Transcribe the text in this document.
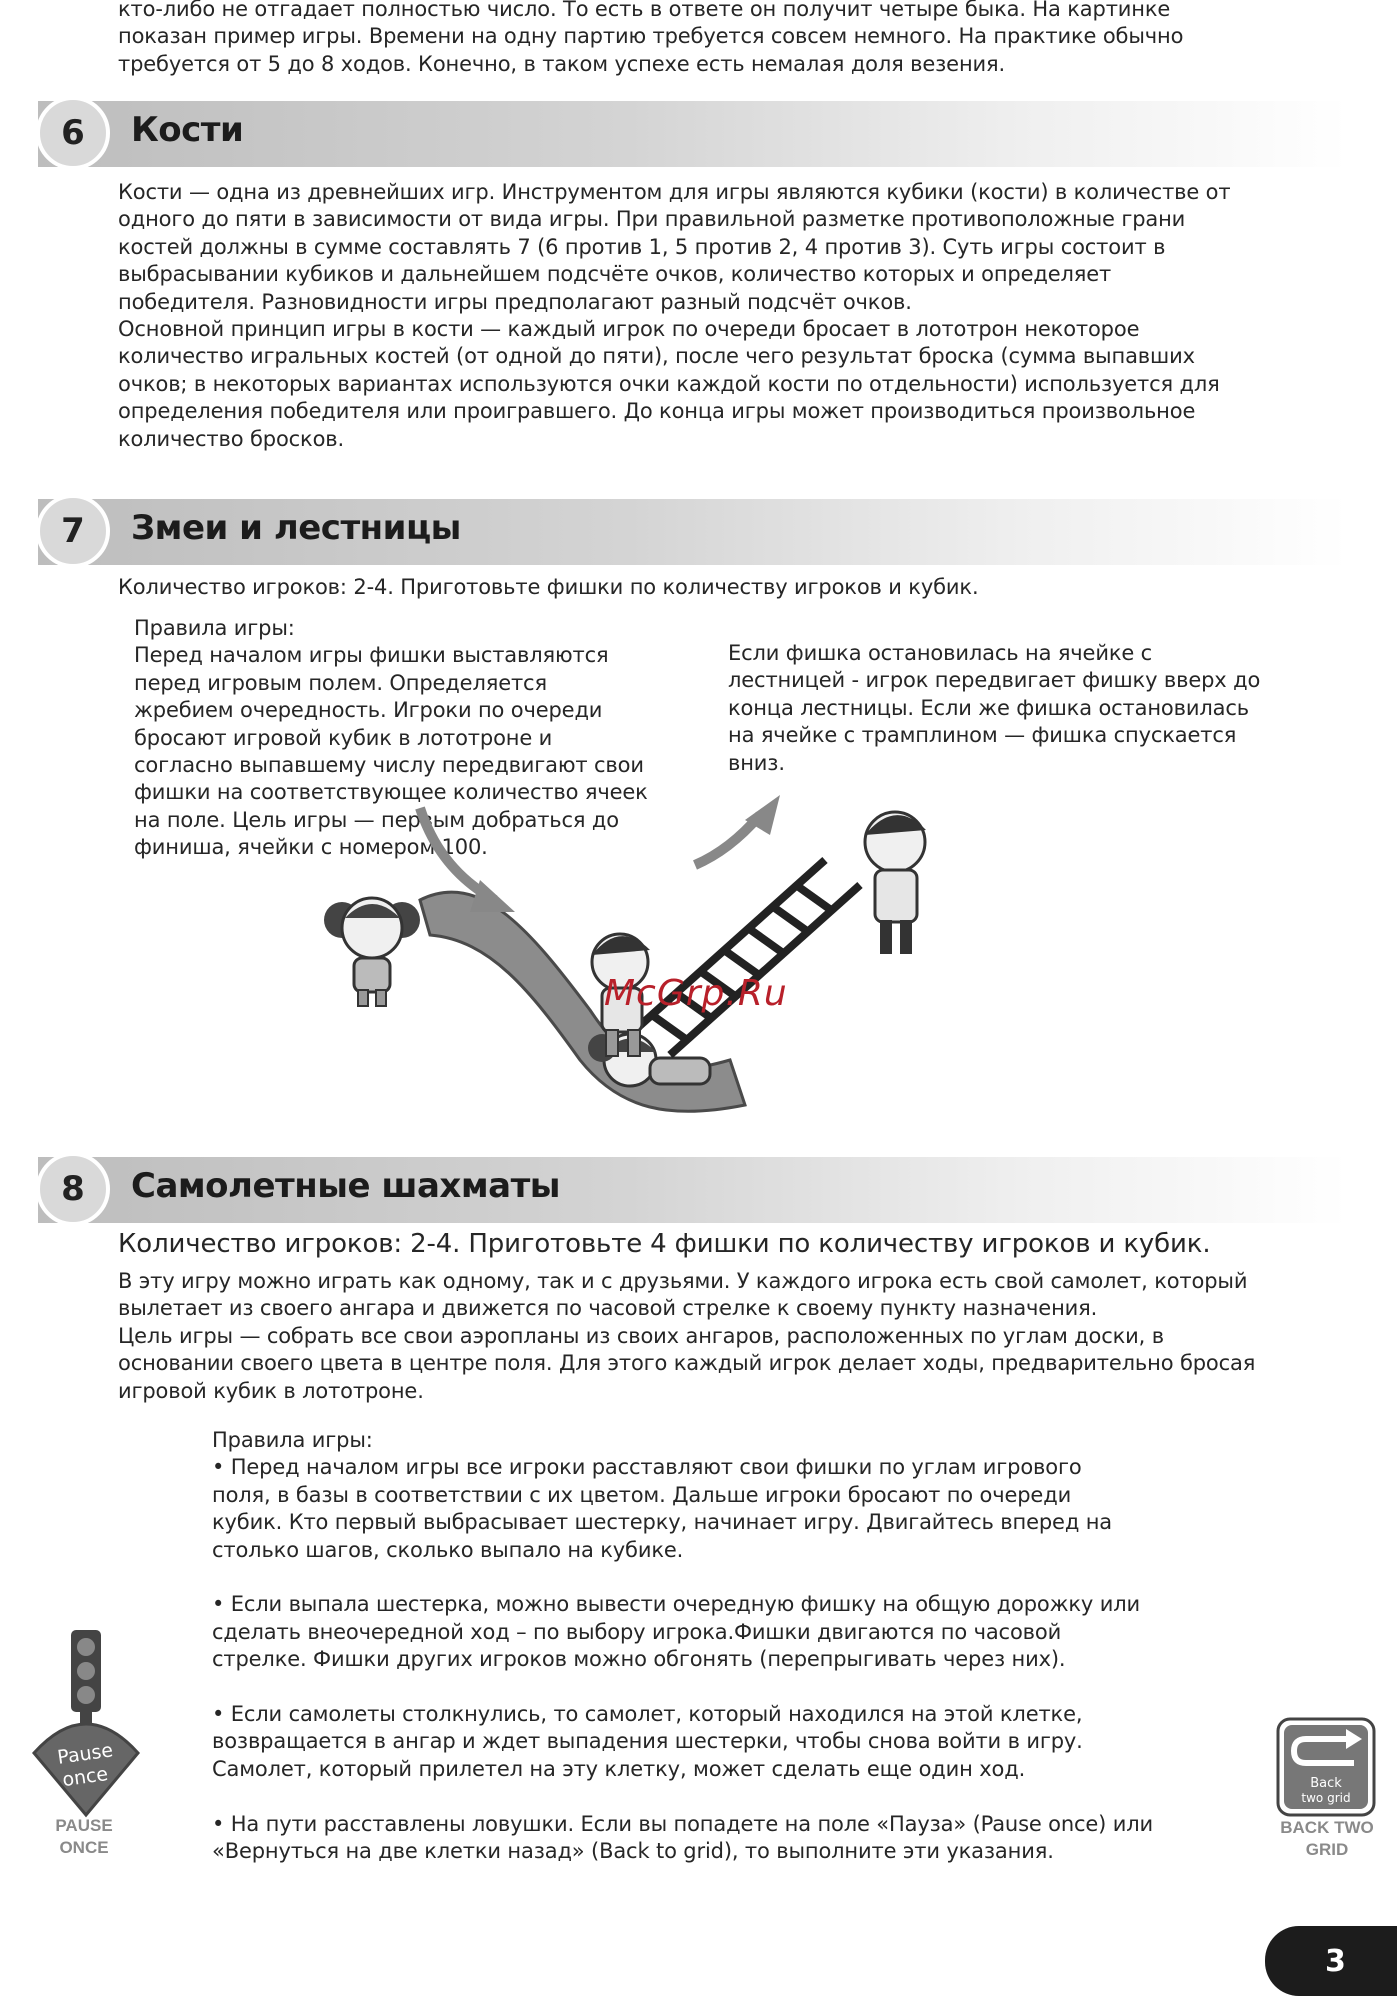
кто-либо не отгадает полностью число. То есть в ответе он получит четыре быка. На картинке
показан пример игры. Времени на одну партию требуется совсем немного. На практике обычно
требуется от 5 до 8 ходов. Конечно, в таком успехе есть немалая доля везения.
6	Кости
Кости — одна из древнейших игр. Инструментом для игры являются кубики (кости) в количестве от
одного до пяти в зависимости от вида игры. При правильной разметке противоположные грани
костей должны в сумме составлять 7 (6 против 1, 5 против 2, 4 против 3). Суть игры состоит в
выбрасывании кубиков и дальнейшем подсчёте очков, количество которых и определяет
победителя. Разновидности игры предполагают разный подсчёт очков.
Основной принцип игры в кости — каждый игрок по очереди бросает в лототрон некоторое
количество игральных костей (от одной до пяти), после чего результат броска (сумма выпавших
очков; в некоторых вариантах используются очки каждой кости по отдельности) используется для
определения победителя или проигравшего. До конца игры может производиться произвольное
количество бросков.
7	Змеи и лестницы
Количество игроков: 2-4. Приготовьте фишки по количеству игроков и кубик.
Правила игры:
Перед началом игры фишки выставляются
перед игровым полем. Определяется
жребием очередность. Игроки по очереди
бросают игровой кубик в лототроне и
согласно выпавшему числу передвигают свои
фишки на соответствующее количество ячеек
на поле. Цель игры — первым добраться до
финиша, ячейки с номером 100.
Если фишка остановилась на ячейке с
лестницей - игрок передвигает фишку вверх до
конца лестницы. Если же фишка остановилась
на ячейке с трамплином — фишка спускается
вниз.
McGrp.Ru
8	Самолетные шахматы
Количество игроков: 2-4. Приготовьте 4 фишки по количеству игроков и кубик.
В эту игру можно играть как одному, так и с друзьями. У каждого игрока есть свой самолет, который
вылетает из своего ангара и движется по часовой стрелке к своему пункту назначения.
Цель игры — собрать все свои аэропланы из своих ангаров, расположенных по углам доски, в
основании своего цвета в центре поля. Для этого каждый игрок делает ходы, предварительно бросая
игровой кубик в лототроне.
Правила игры:
• Перед началом игры все игроки расставляют свои фишки по углам игрового
поля, в базы в соответствии с их цветом. Дальше игроки бросают по очереди
кубик. Кто первый выбрасывает шестерку, начинает игру. Двигайтесь вперед на
столько шагов, сколько выпало на кубике.
• Если выпала шестерка, можно вывести очередную фишку на общую дорожку или
сделать внеочередной ход – по выбору игрока.Фишки двигаются по часовой
стрелке. Фишки других игроков можно обгонять (перепрыгивать через них).
• Если самолеты столкнулись, то самолет, который находился на этой клетке,
возвращается в ангар и ждет выпадения шестерки, чтобы снова войти в игру.
Самолет, который прилетел на эту клетку, может сделать еще один ход.
• На пути расставлены ловушки. Если вы попадете на поле «Пауза» (Pause once) или
«Вернуться на две клетки назад» (Back to grid), то выполните эти указания.
Pause
once
PAUSE
ONCE
Back
two grid
BACK TWO
GRID
3
